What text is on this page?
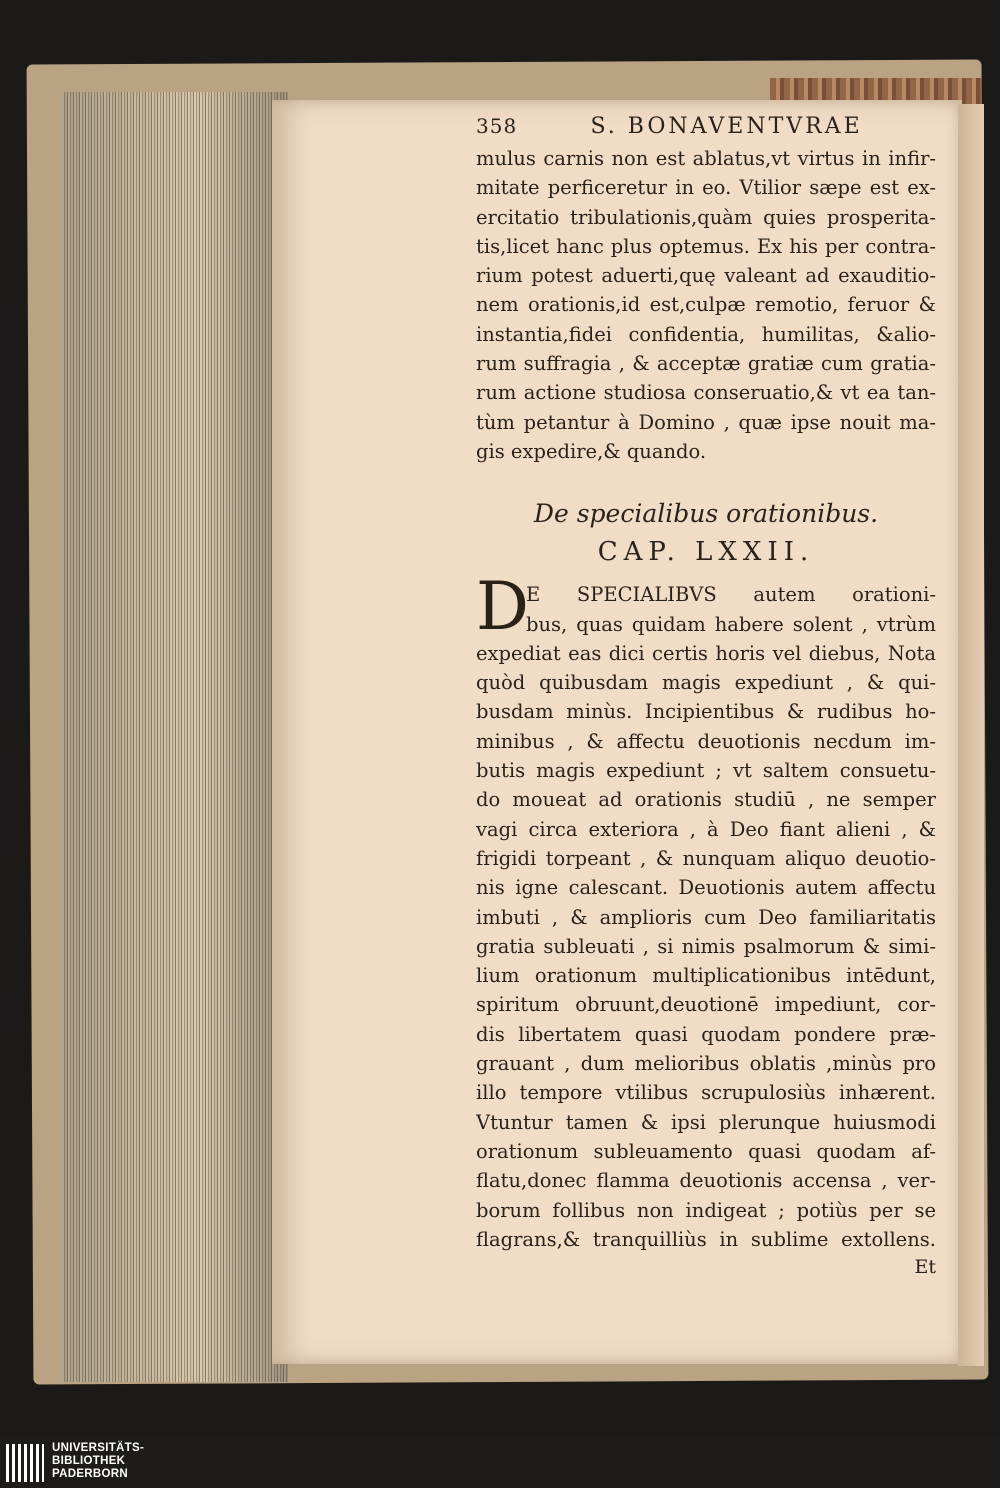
358	S. BONAVENTVRAE
mulus carnis non est ablatus,vt virtus in infir-
mitate perficeretur in eo. Vtilior sæpe est ex-
ercitatio tribulationis,quàm quies prosperita-
tis,licet hanc plus optemus. Ex his per contra-
rium potest aduerti,quę valeant ad exauditio-
nem orationis,id est,culpæ remotio, feruor &
instantia,fidei confidentia, humilitas, &alio-
rum suffragia , & acceptæ gratiæ cum gratia-
rum actione studiosa conseruatio,& vt ea tan-
tùm petantur à Domino , quæ ipse nouit ma-
gis expedire,& quando.
De specialibus orationibus.
CAP. LXXII.
D
E SPECIALIBVS autem orationi-
bus, quas quidam habere solent , vtrùm
expediat eas dici certis horis vel diebus, Nota
quòd quibusdam magis expediunt , & qui-
busdam minùs. Incipientibus & rudibus ho-
minibus , & affectu deuotionis necdum im-
butis magis expediunt ; vt saltem consuetu-
do moueat ad orationis studiū , ne semper
vagi circa exteriora , à Deo fiant alieni , &
frigidi torpeant , & nunquam aliquo deuotio-
nis igne calescant. Deuotionis autem affectu
imbuti , & amplioris cum Deo familiaritatis
gratia subleuati , si nimis psalmorum & simi-
lium orationum multiplicationibus intēdunt,
spiritum obruunt,deuotionē impediunt, cor-
dis libertatem quasi quodam pondere præ-
grauant , dum melioribus oblatis ,minùs pro
illo tempore vtilibus scrupulosiùs inhærent.
Vtuntur tamen & ipsi plerunque huiusmodi
orationum subleuamento quasi quodam af-
flatu,donec flamma deuotionis accensa , ver-
borum follibus non indigeat ; potiùs per se
flagrans,& tranquilliùs in sublime extollens.
Et
UNIVERSITÄTS-
BIBLIOTHEK
PADERBORN
